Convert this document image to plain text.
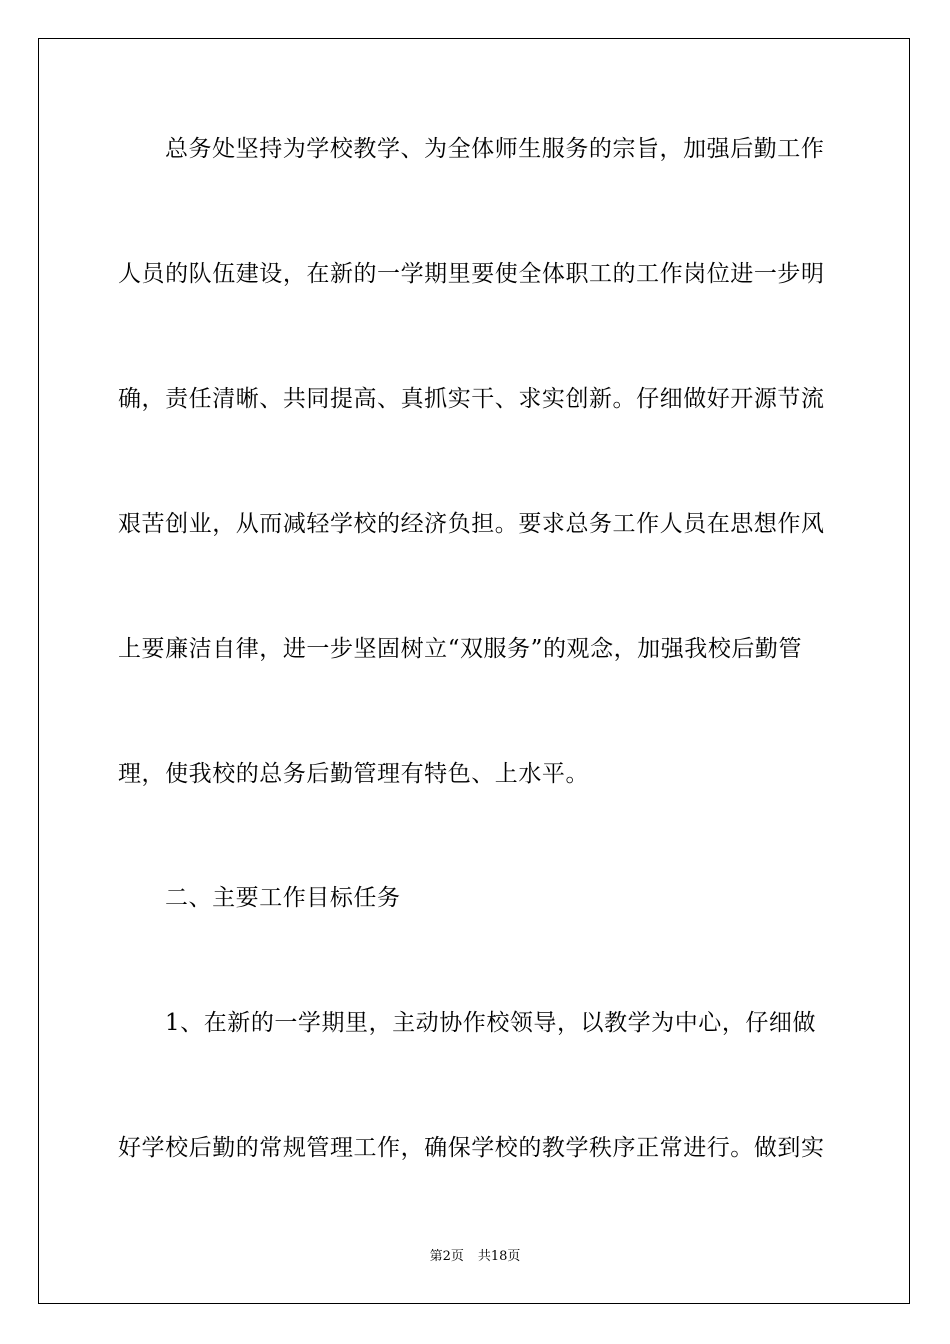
总务处坚持为学校教学、为全体师生服务的宗旨，加强后勤工作
人员的队伍建设，在新的一学期里要使全体职工的工作岗位进一步明
确，责任清晰、共同提高、真抓实干、求实创新。仔细做好开源节流
艰苦创业，从而减轻学校的经济负担。要求总务工作人员在思想作风
上要廉洁自律，进一步坚固树立“双服务”的观念，加强我校后勤管
理，使我校的总务后勤管理有特色、上水平。
二、主要工作目标任务
1、在新的一学期里，主动协作校领导，以教学为中心，仔细做
好学校后勤的常规管理工作，确保学校的教学秩序正常进行。做到实
第2页 共18页
